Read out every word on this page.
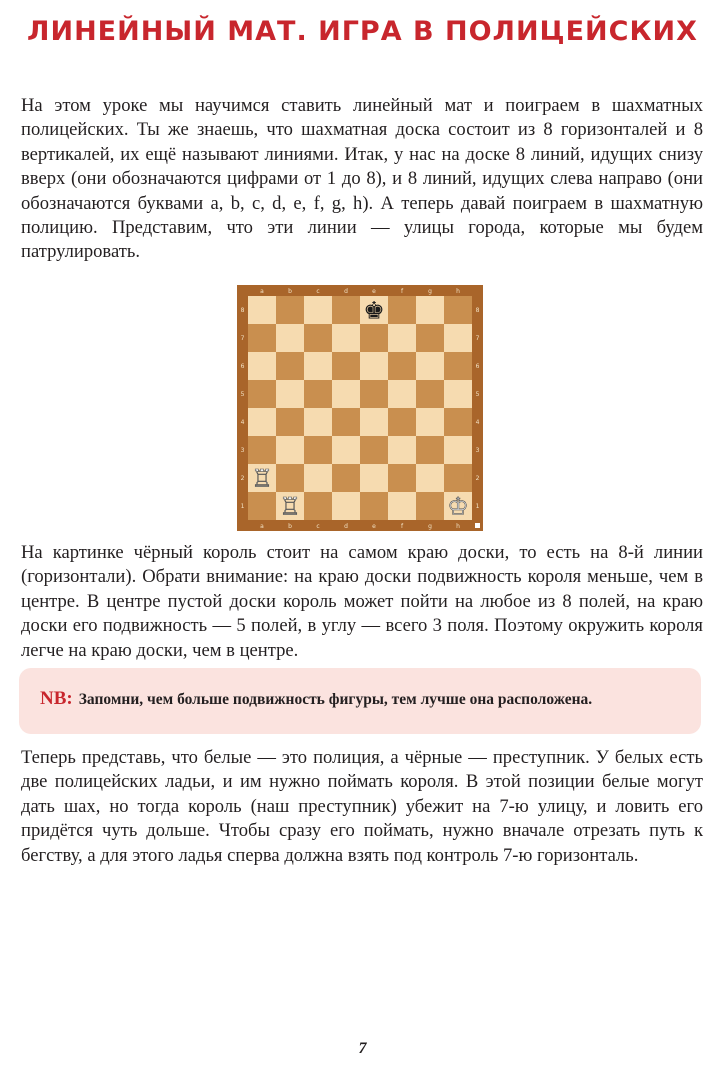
ЛИНЕЙНЫЙ МАТ. ИГРА В ПОЛИЦЕЙСКИХ

На этом уроке мы научимся ставить линейный мат и поиграем в шахматных полицейских. Ты же знаешь, что шахматная доска состоит из 8 горизонталей и 8 вертикалей, их ещё называют линиями. Итак, у нас на доске 8 линий, идущих снизу вверх (они обозначаются цифрами от 1 до 8), и 8 линий, идущих слева направо (они обозначаются буквами a, b, c, d, e, f, g, h). А теперь давай поиграем в шахматную полицию. Представим, что эти линии — улицы города, которые мы будем патрулировать.

a
a
b
b
c
c
d
d
e
e
f
f
g
g
h
h
1	1
2	2
3	3
4	4
5	5
6	6
7	7
8	8
♚
♖
♖	♔

На картинке чёрный король стоит на самом краю доски, то есть на 8-й линии (горизонтали). Обрати внимание: на краю доски подвижность короля меньше, чем в центре. В центре пустой доски король может пойти на любое из 8 полей, на краю доски его подвижность — 5 полей, в углу — всего 3 поля. Поэтому окружить короля легче на краю доски, чем в центре.

NB: Запомни, чем больше подвижность фигуры, тем лучше она расположена.

Теперь представь, что белые — это полиция, а чёрные — преступник. У белых есть две полицейских ладьи, и им нужно поймать короля. В этой позиции белые могут дать шах, но тогда король (наш преступник) убежит на 7-ю улицу, и ловить его придётся чуть дольше. Чтобы сразу его поймать, нужно вначале отрезать путь к бегству, а для этого ладья сперва должна взять под контроль 7-ю горизонталь.

7
